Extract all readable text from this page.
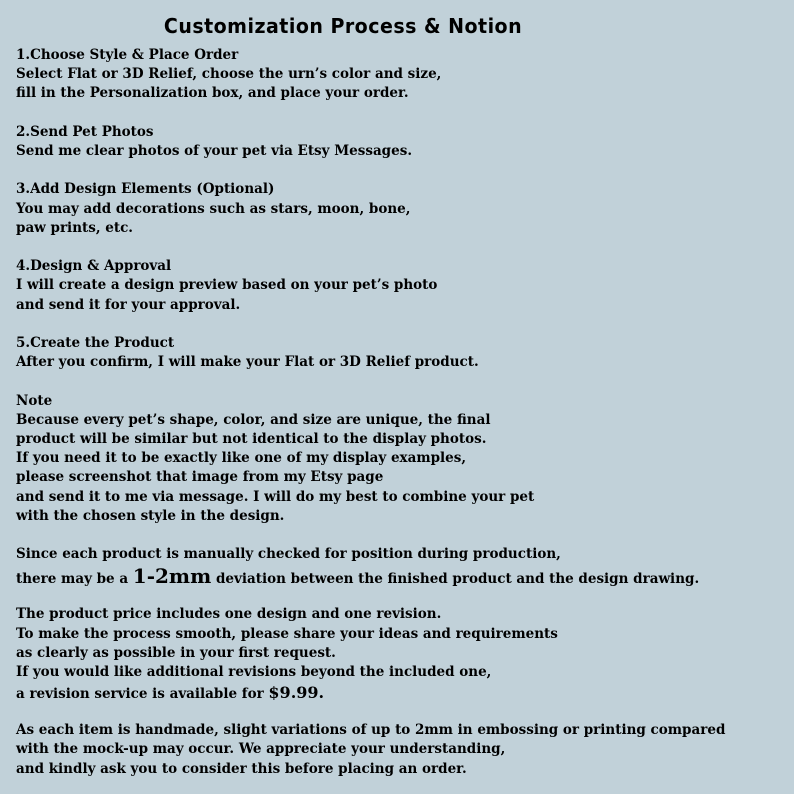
Customization Process & Notion
1.Choose Style & Place Order
Select Flat or 3D Relief, choose the urn’s color and size,
fill in the Personalization box, and place your order.
2.Send Pet Photos
Send me clear photos of your pet via Etsy Messages.
3.Add Design Elements (Optional)
You may add decorations such as stars, moon, bone,
paw prints, etc.
4.Design & Approval
I will create a design preview based on your pet’s photo
and send it for your approval.
5.Create the Product
After you confirm, I will make your Flat or 3D Relief product.
Note
Because every pet’s shape, color, and size are unique, the final
product will be similar but not identical to the display photos.
If you need it to be exactly like one of my display examples,
please screenshot that image from my Etsy page
and send it to me via message. I will do my best to combine your pet
with the chosen style in the design.
Since each product is manually checked for position during production,
there may be a 1-2mm deviation between the finished product and the design drawing.
The product price includes one design and one revision.
To make the process smooth, please share your ideas and requirements
as clearly as possible in your first request.
If you would like additional revisions beyond the included one,
a revision service is available for $9.99.
As each item is handmade, slight variations of up to 2mm in embossing or printing compared
with the mock-up may occur. We appreciate your understanding,
and kindly ask you to consider this before placing an order.
